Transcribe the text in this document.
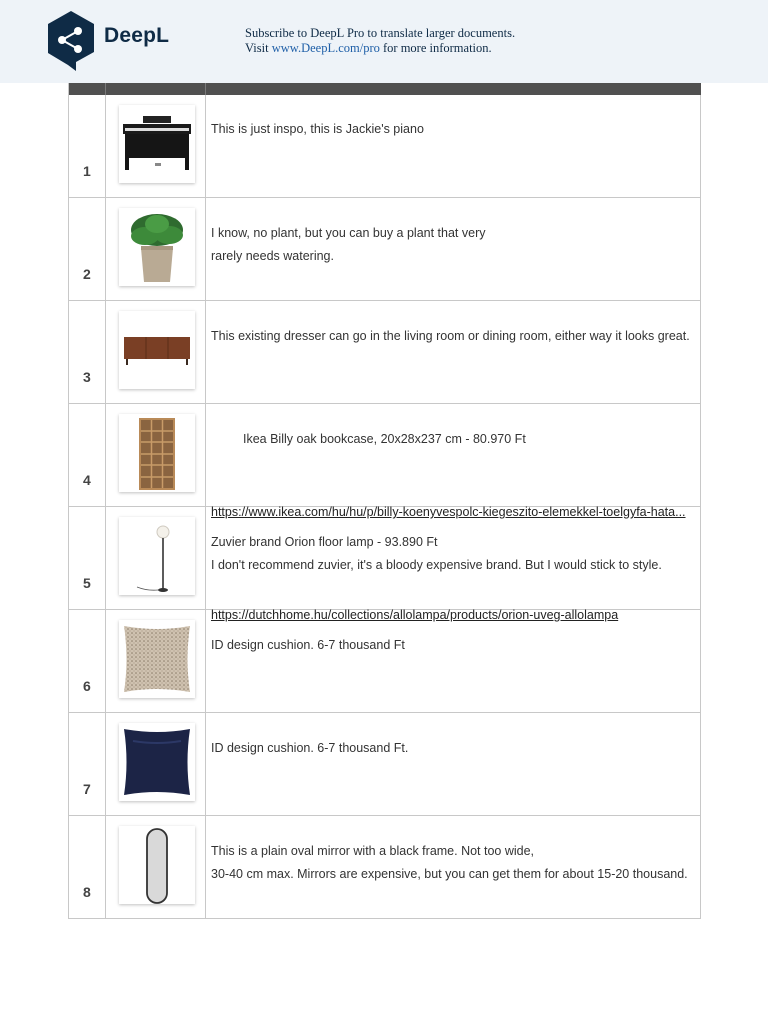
DeepL	Subscribe to DeepL Pro to translate larger documents.
Visit www.DeepL.com/pro for more information.
1
This is just inspo, this is Jackie's piano
2
I know, no plant, but you can buy a plant that very
rarely needs watering.
3
This existing dresser can go in the living room or dining room, either way it looks great.
4
Ikea Billy oak bookcase, 20x28x237 cm - 80.970 Ft
5
https://www.ikea.com/hu/hu/p/billy-koenyvespolc-kiegeszito-elemekkel-toelgyfa-hata...
Zuvier brand Orion floor lamp - 93.890 Ft
I don't recommend zuvier, it's a bloody expensive brand. But I would stick to style.
6
https://dutchhome.hu/collections/allolampa/products/orion-uveg-allolampa
ID design cushion. 6-7 thousand Ft
7
ID design cushion. 6-7 thousand Ft.
8
This is a plain oval mirror with a black frame. Not too wide,
30-40 cm max. Mirrors are expensive, but you can get them for about 15-20 thousand.
